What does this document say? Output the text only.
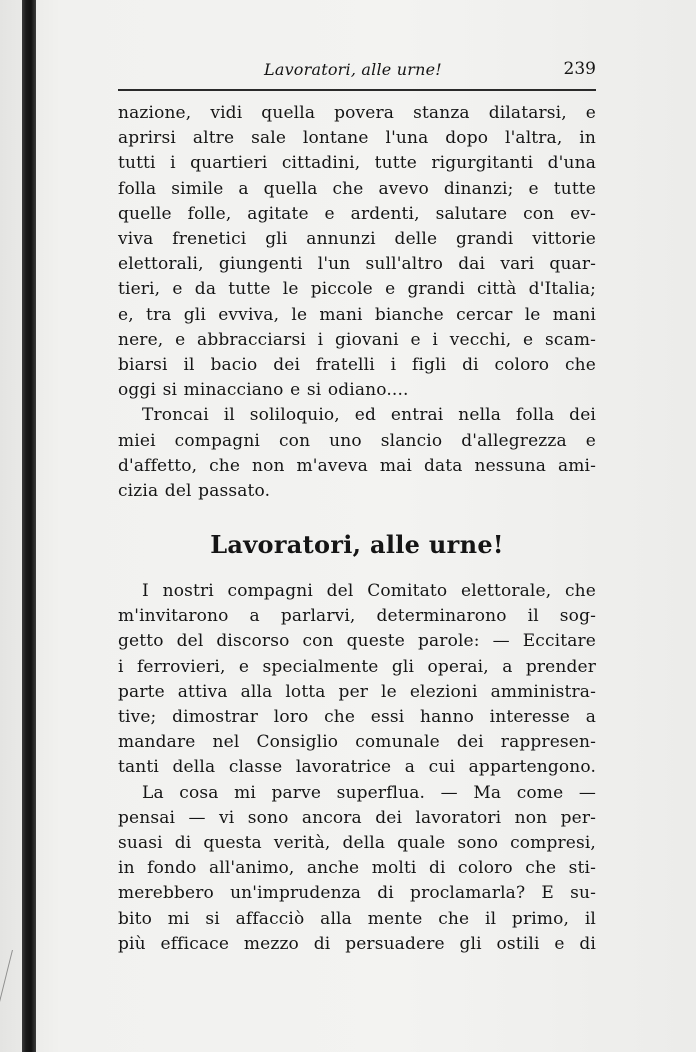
Lavoratori, alle urne!	239
nazione, vidi quella povera stanza dilatarsi, e
aprirsi altre sale lontane l'una dopo l'altra, in
tutti i quartieri cittadini, tutte rigurgitanti d'una
folla simile a quella che avevo dinanzi; e tutte
quelle folle, agitate e ardenti, salutare con ev-
viva frenetici gli annunzi delle grandi vittorie
elettorali, giungenti l'un sull'altro dai vari quar-
tieri, e da tutte le piccole e grandi città d'Italia;
e, tra gli evviva, le mani bianche cercar le mani
nere, e abbracciarsi i giovani e i vecchi, e scam-
biarsi il bacio dei fratelli i figli di coloro che
oggi si minacciano e si odiano....
Troncai il soliloquio, ed entrai nella folla dei
miei compagni con uno slancio d'allegrezza e
d'affetto, che non m'aveva mai data nessuna ami-
cizia del passato.
Lavoratori, alle urne!
I nostri compagni del Comitato elettorale, che
m'invitarono a parlarvi, determinarono il sog-
getto del discorso con queste parole: — Eccitare
i ferrovieri, e specialmente gli operai, a prender
parte attiva alla lotta per le elezioni amministra-
tive; dimostrar loro che essi hanno interesse a
mandare nel Consiglio comunale dei rappresen-
tanti della classe lavoratrice a cui appartengono.
La cosa mi parve superflua. — Ma come —
pensai — vi sono ancora dei lavoratori non per-
suasi di questa verità, della quale sono compresi,
in fondo all'animo, anche molti di coloro che sti-
merebbero un'imprudenza di proclamarla? E su-
bito mi si affacciò alla mente che il primo, il
più efficace mezzo di persuadere gli ostili e di
